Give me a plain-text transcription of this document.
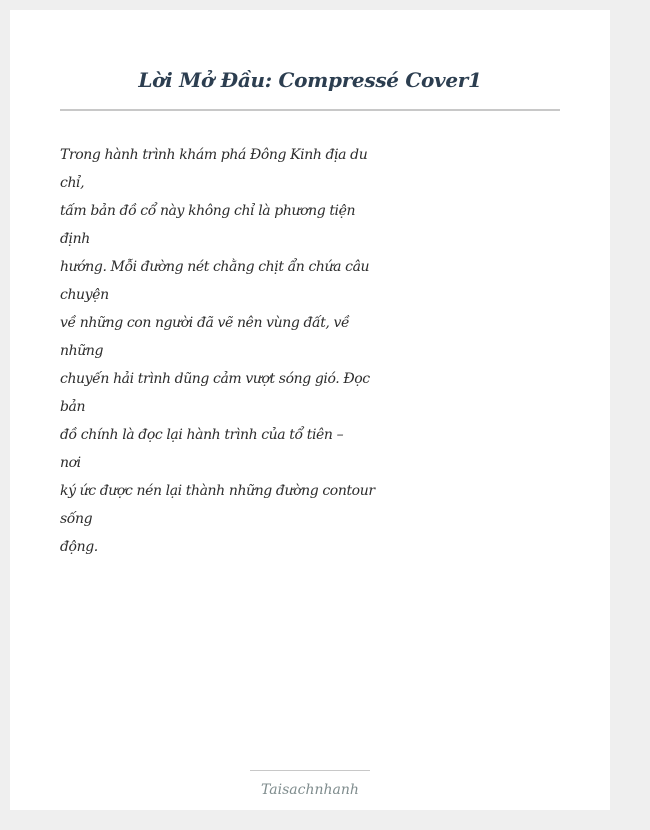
Lời Mở Đầu: Compressé Cover1
Trong hành trình khám phá Đông Kinh địa du
chỉ,
tấm bản đồ cổ này không chỉ là phương tiện
định
hướng. Mỗi đường nét chằng chịt ẩn chứa câu
chuyện
về những con người đã vẽ nên vùng đất, về
những
chuyến hải trình dũng cảm vượt sóng gió. Đọc
bản
đồ chính là đọc lại hành trình của tổ tiên –
nơi
ký ức được nén lại thành những đường contour
sống
động.
Taisachnhanh
